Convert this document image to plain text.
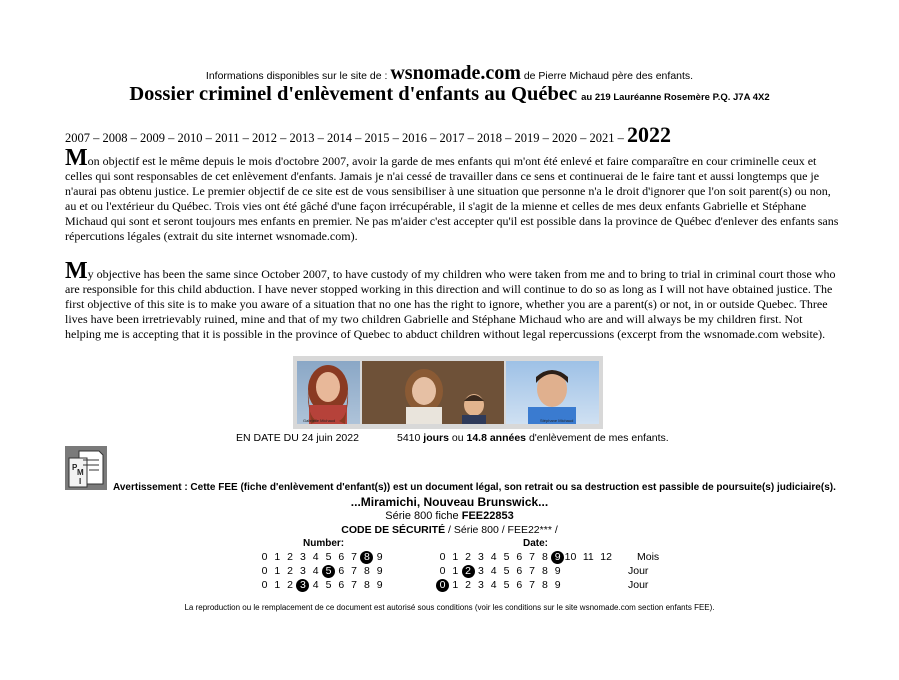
Informations disponibles sur le site de : wsnomade.com de Pierre Michaud père des enfants.
Dossier criminel d'enlèvement d'enfants au Québec au 219 Lauréanne Rosemère P.Q. J7A 4X2
2007 – 2008 – 2009 – 2010 – 2011 – 2012 – 2013 – 2014 – 2015 – 2016 – 2017 – 2018 – 2019 – 2020 – 2021 – 2022
Mon objectif est le même depuis le mois d'octobre 2007, avoir la garde de mes enfants qui m'ont été enlevé et faire comparaître en cour criminelle ceux et celles qui sont responsables de cet enlèvement d'enfants. Jamais je n'ai cessé de travailler dans ce sens et continuerai de le faire tant et aussi longtemps que je n'aurai pas obtenu justice. Le premier objectif de ce site est de vous sensibiliser à une situation que personne n'a le droit d'ignorer que l'on soit parent(s) ou non, au et ou l'extérieur du Québec. Trois vies ont été gâché d'une façon irrécupérable, il s'agit de la mienne et celles de mes deux enfants Gabrielle et Stéphane Michaud qui sont et seront toujours mes enfants en premier. Ne pas m'aider c'est accepter qu'il est possible dans la province de Québec d'enlever des enfants sans répercutions légales (extrait du site internet wsnomade.com).
My objective has been the same since October 2007, to have custody of my children who were taken from me and to bring to trial in criminal court those who are responsible for this child abduction. I have never stopped working in this direction and will continue to do so as long as I will not have obtained justice. The first objective of this site is to make you aware of a situation that no one has the right to ignore, whether you are a parent(s) or not, in or outside Quebec. Three lives have been irretrievably ruined, mine and that of my two children Gabrielle and Stéphane Michaud who are and will always be my children first. Not helping me is accepting that it is possible in the province of Quebec to abduct children without legal repercussions (excerpt from the wsnomade.com website).
Gabrielle Michaud	Stéphane Michaud
EN DATE DU 24 juin 2022	5410 jours ou 14.8 années d'enlèvement de mes enfants.
P
M
I
Avertissement : Cette FEE (fiche d'enlèvement d'enfant(s)) est un document légal, son retrait ou sa destruction est passible de poursuite(s) judiciaire(s).
...Miramichi, Nouveau Brunswick...
Série 800 fiche FEE22853
CODE DE SÉCURITÉ / Série 800 / FEE22*** /
Number:	Date:
0 1 2 3 4 5 6 7 8 9
0 1 2 3 4 5 6 7 8 9
0 1 2 3 4 5 6 7 8 9
0 1 2 3 4 5 6 7 8 9 10 11 12 Mois
0 1 2 3 4 5 6 7 8 9	Jour
0 1 2 3 4 5 6 7 8 9	Jour
La reproduction ou le remplacement de ce document est autorisé sous conditions (voir les conditions sur le site wsnomade.com section enfants FEE).
